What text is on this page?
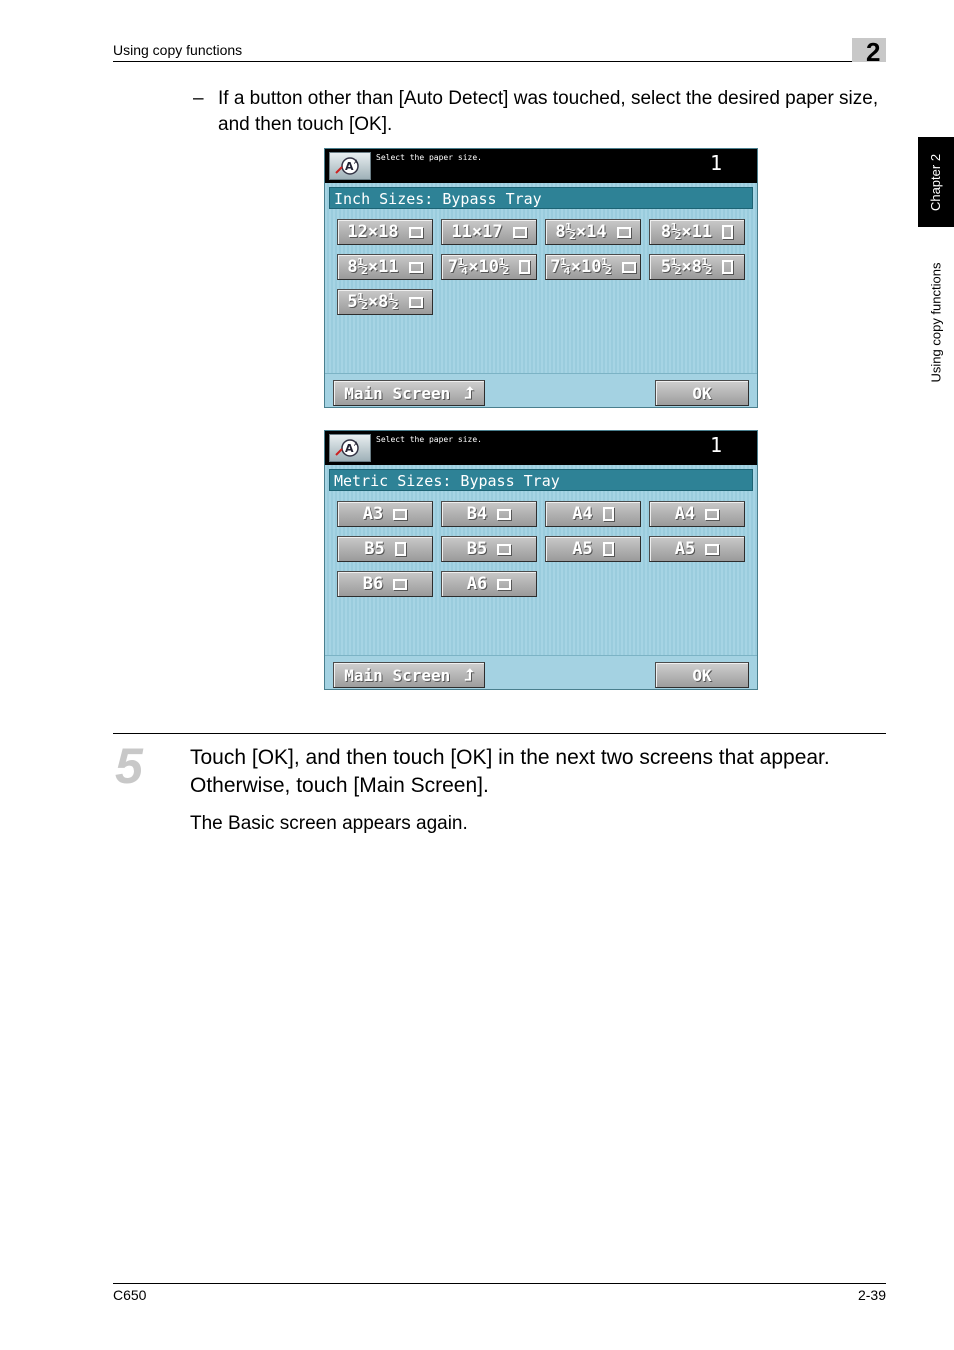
Using copy functions	2
Chapter 2
Using copy functions
– If a button other than [Auto Detect] was touched, select the desired paper size, and then touch [OK].
A A
Select the paper size.	1
Inch Sizes: Bypass Tray
12×18	11×17	8½×14	8½×11
8½×11	7¼×10½ 7¼×10½	5½×8½
5½×8½
Main Screen ⮥	OK
A A
Select the paper size.	1
Metric Sizes: Bypass Tray
A3	B4	A4	A4
B5	B5	A5	A5
B6	A6
Main Screen ⮥	OK
5 Touch [OK], and then touch [OK] in the next two screens that appear. Otherwise, touch [Main Screen].
The Basic screen appears again.
C650	2-39
